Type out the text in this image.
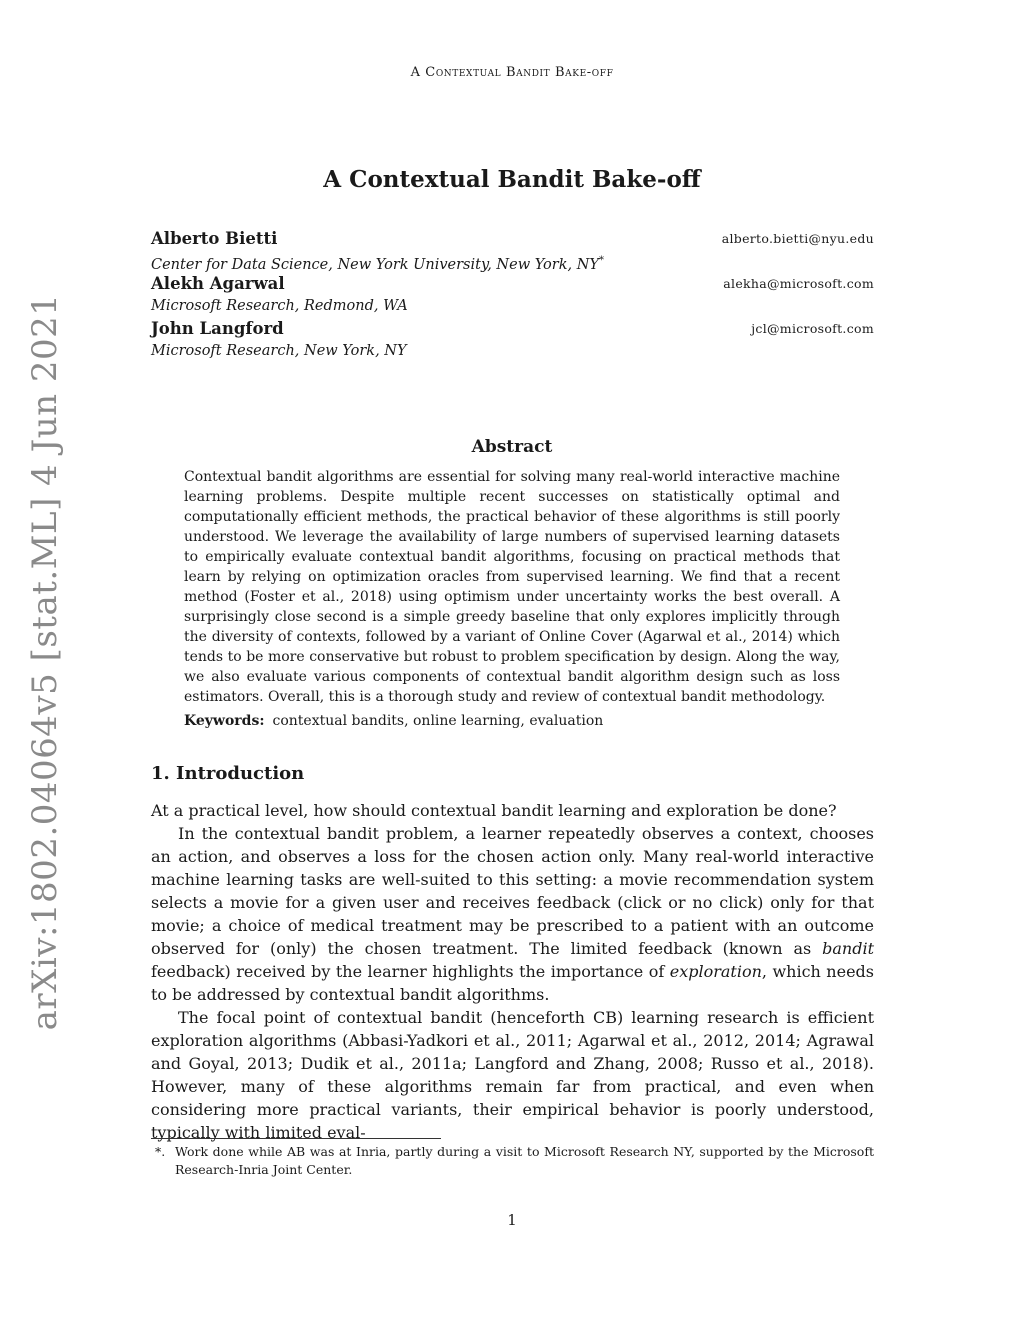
A Contextual Bandit Bake-off
arXiv:1802.04064v5 [stat.ML] 4 Jun 2021
A Contextual Bandit Bake-off
Alberto Bietti	alberto.bietti@nyu.edu
Center for Data Science, New York University, New York, NY*
Alekh Agarwal	alekha@microsoft.com
Microsoft Research, Redmond, WA
John Langford	jcl@microsoft.com
Microsoft Research, New York, NY
Abstract
Contextual bandit algorithms are essential for solving many real-world interactive machine learning problems. Despite multiple recent successes on statistically optimal and computationally efficient methods, the practical behavior of these algorithms is still poorly understood. We leverage the availability of large numbers of supervised learning datasets to empirically evaluate contextual bandit algorithms, focusing on practical methods that learn by relying on optimization oracles from supervised learning. We find that a recent method (Foster et al., 2018) using optimism under uncertainty works the best overall. A surprisingly close second is a simple greedy baseline that only explores implicitly through the diversity of contexts, followed by a variant of Online Cover (Agarwal et al., 2014) which tends to be more conservative but robust to problem specification by design. Along the way, we also evaluate various components of contextual bandit algorithm design such as loss estimators. Overall, this is a thorough study and review of contextual bandit methodology.
Keywords: contextual bandits, online learning, evaluation
1. Introduction

At a practical level, how should contextual bandit learning and exploration be done?

In the contextual bandit problem, a learner repeatedly observes a context, chooses an action, and observes a loss for the chosen action only. Many real-world interactive machine learning tasks are well-suited to this setting: a movie recommendation system selects a movie for a given user and receives feedback (click or no click) only for that movie; a choice of medical treatment may be prescribed to a patient with an outcome observed for (only) the chosen treatment. The limited feedback (known as bandit feedback) received by the learner highlights the importance of exploration, which needs to be addressed by contextual bandit algorithms.

The focal point of contextual bandit (henceforth CB) learning research is efficient exploration algorithms (Abbasi-Yadkori et al., 2011; Agarwal et al., 2012, 2014; Agrawal and Goyal, 2013; Dudik et al., 2011a; Langford and Zhang, 2008; Russo et al., 2018). However, many of these algorithms remain far from practical, and even when considering more practical variants, their empirical behavior is poorly understood, typically with limited eval-

*. Work done while AB was at Inria, partly during a visit to Microsoft Research NY, supported by the Microsoft Research-Inria Joint Center.
1
